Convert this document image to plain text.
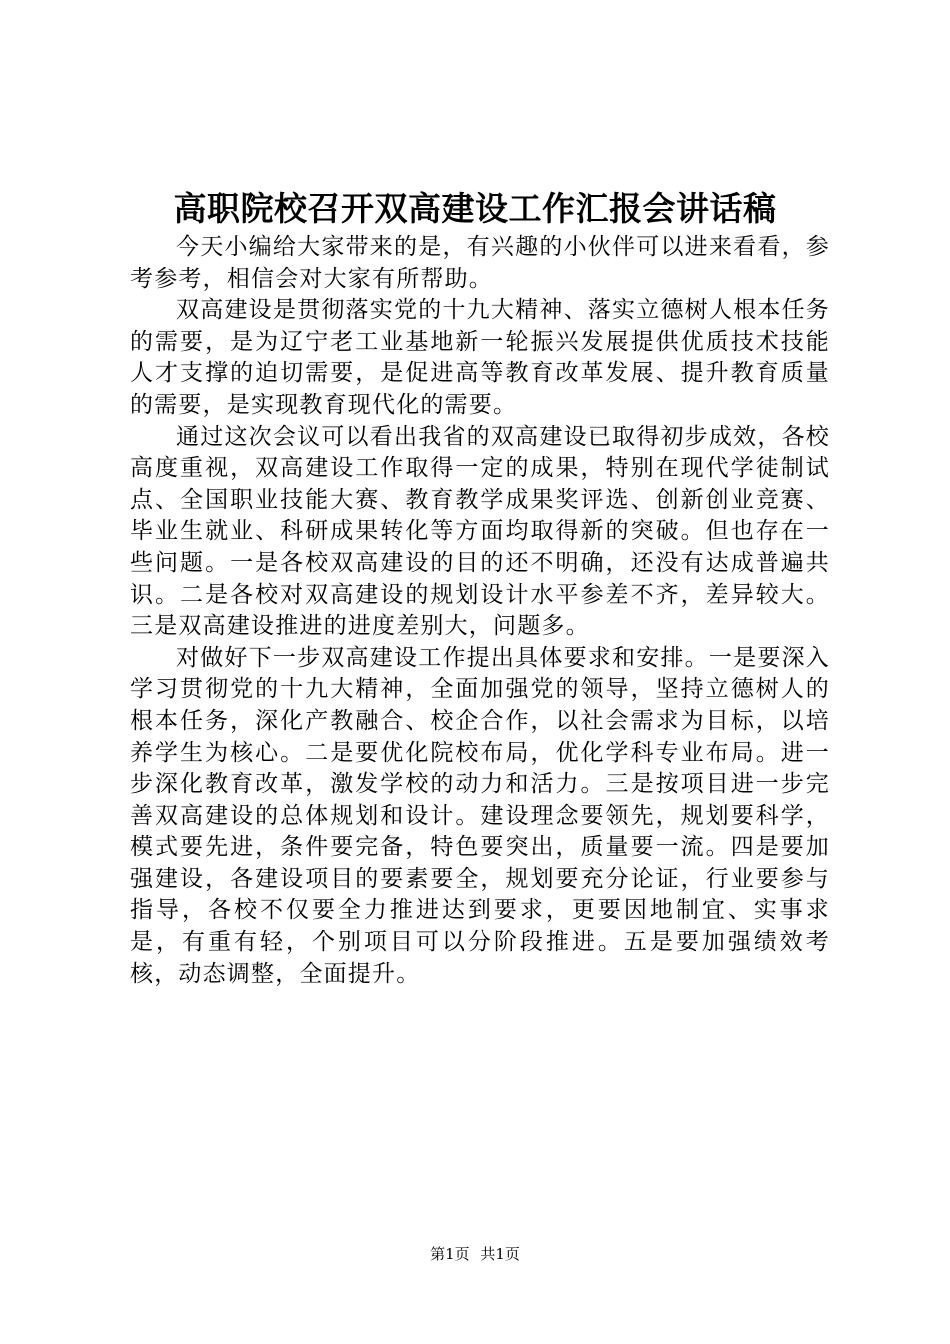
高职院校召开双高建设工作汇报会讲话稿

今天小编给大家带来的是，有兴趣的小伙伴可以进来看看，参考参考，相信会对大家有所帮助。

双高建设是贯彻落实党的十九大精神、落实立德树人根本任务的需要，是为辽宁老工业基地新一轮振兴发展提供优质技术技能人才支撑的迫切需要，是促进高等教育改革发展、提升教育质量的需要，是实现教育现代化的需要。

通过这次会议可以看出我省的双高建设已取得初步成效，各校高度重视，双高建设工作取得一定的成果，特别在现代学徒制试点、全国职业技能大赛、教育教学成果奖评选、创新创业竞赛、毕业生就业、科研成果转化等方面均取得新的突破。但也存在一些问题。一是各校双高建设的目的还不明确，还没有达成普遍共识。二是各校对双高建设的规划设计水平参差不齐，差异较大。三是双高建设推进的进度差别大，问题多。

对做好下一步双高建设工作提出具体要求和安排。一是要深入学习贯彻党的十九大精神，全面加强党的领导，坚持立德树人的根本任务，深化产教融合、校企合作，以社会需求为目标，以培养学生为核心。二是要优化院校布局，优化学科专业布局。进一步深化教育改革，激发学校的动力和活力。三是按项目进一步完善双高建设的总体规划和设计。建设理念要领先，规划要科学，模式要先进，条件要完备，特色要突出，质量要一流。四是要加强建设，各建设项目的要素要全，规划要充分论证，行业要参与指导，各校不仅要全力推进达到要求，更要因地制宜、实事求是，有重有轻，个别项目可以分阶段推进。五是要加强绩效考核，动态调整，全面提升。

第1页 共1页
